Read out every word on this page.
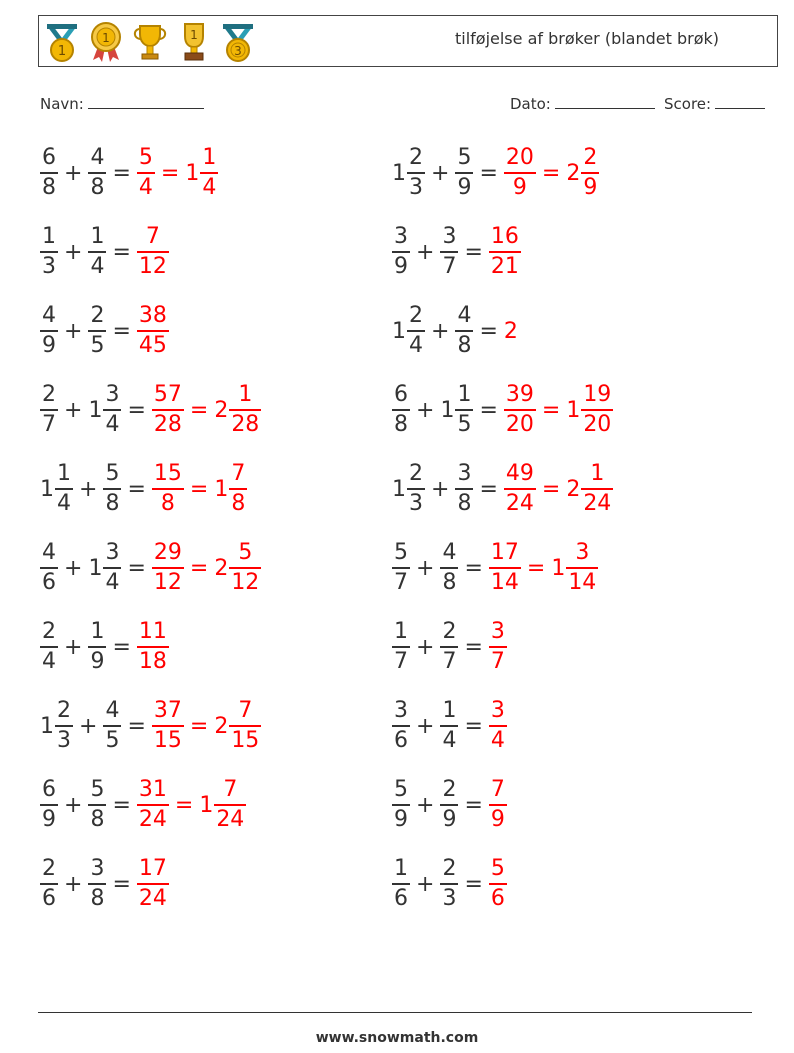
1
1	1
3
tilføjelse af brøker (blandet brøk)
Navn:	Dato:	Score:
$\frac{6}{8} + \frac{4}{8} = \frac{5}{4} = 1 \frac{1}{4}$	$1 \frac{2}{3} + \frac{5}{9} = \frac{20}{9} = 2 \frac{2}{9}$
$\frac{1}{3} + \frac{1}{4} = \frac{7}{12}$	$\frac{3}{9} + \frac{3}{7} = \frac{16}{21}$
$\frac{4}{9} + \frac{2}{5} = \frac{38}{45}$	$1 \frac{2}{4} + \frac{4}{8} = 2$
$\frac{2}{7} + 1 \frac{3}{4} = \frac{57}{28} = 2 \frac{1}{28}$	$\frac{6}{8} + 1 \frac{1}{5} = \frac{39}{20} = 1 \frac{19}{20}$
$1 \frac{1}{4} + \frac{5}{8} = \frac{15}{8} = 1 \frac{7}{8}$	$1 \frac{2}{3} + \frac{3}{8} = \frac{49}{24} = 2 \frac{1}{24}$
$\frac{4}{6} + 1 \frac{3}{4} = \frac{29}{12} = 2 \frac{5}{12}$	$\frac{5}{7} + \frac{4}{8} = \frac{17}{14} = 1 \frac{3}{14}$
$\frac{2}{4} + \frac{1}{9} = \frac{11}{18}$	$\frac{1}{7} + \frac{2}{7} = \frac{3}{7}$
$1 \frac{2}{3} + \frac{4}{5} = \frac{37}{15} = 2 \frac{7}{15}$	$\frac{3}{6} + \frac{1}{4} = \frac{3}{4}$
$\frac{6}{9} + \frac{5}{8} = \frac{31}{24} = 1 \frac{7}{24}$	$\frac{5}{9} + \frac{2}{9} = \frac{7}{9}$
$\frac{2}{6} + \frac{3}{8} = \frac{17}{24}$	$\frac{1}{6} + \frac{2}{3} = \frac{5}{6}$
www.snowmath.com
